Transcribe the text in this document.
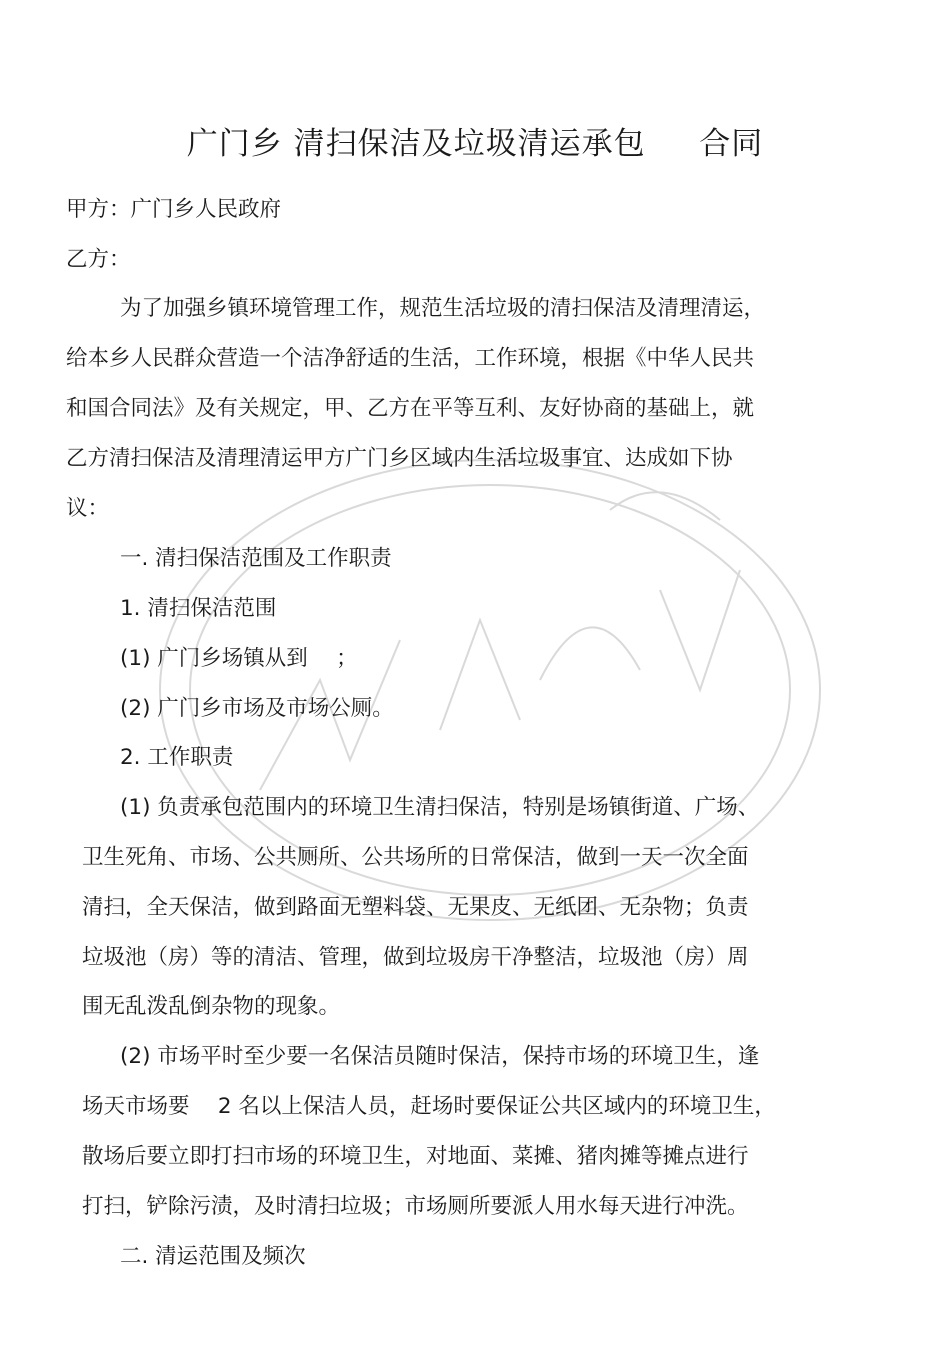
广门乡 清扫保洁及垃圾清运承包 　 合同
甲方：广门乡人民政府
乙方：
为了加强乡镇环境管理工作，规范生活垃圾的清扫保洁及清理清运，
给本乡人民群众营造一个洁净舒适的生活，工作环境，根据《中华人民共
和国合同法》及有关规定，甲、乙方在平等互利、友好协商的基础上，就
乙方清扫保洁及清理清运甲方广门乡区域内生活垃圾事宜、达成如下协
议：
一. 清扫保洁范围及工作职责
1. 清扫保洁范围
(1) 广门乡场镇从到 　；
(2) 广门乡市场及市场公厕。
2. 工作职责
(1) 负责承包范围内的环境卫生清扫保洁，特别是场镇街道、广场、
卫生死角、市场、公共厕所、公共场所的日常保洁，做到一天一次全面
清扫，全天保洁，做到路面无塑料袋、无果皮、无纸团、无杂物；负责
垃圾池（房）等的清洁、管理，做到垃圾房干净整洁，垃圾池（房）周
围无乱泼乱倒杂物的现象。
(2) 市场平时至少要一名保洁员随时保洁，保持市场的环境卫生，逢
场天市场要 　2 名以上保洁人员，赶场时要保证公共区域内的环境卫生，
散场后要立即打扫市场的环境卫生，对地面、菜摊、猪肉摊等摊点进行
打扫，铲除污渍，及时清扫垃圾；市场厕所要派人用水每天进行冲洗。
二. 清运范围及频次
